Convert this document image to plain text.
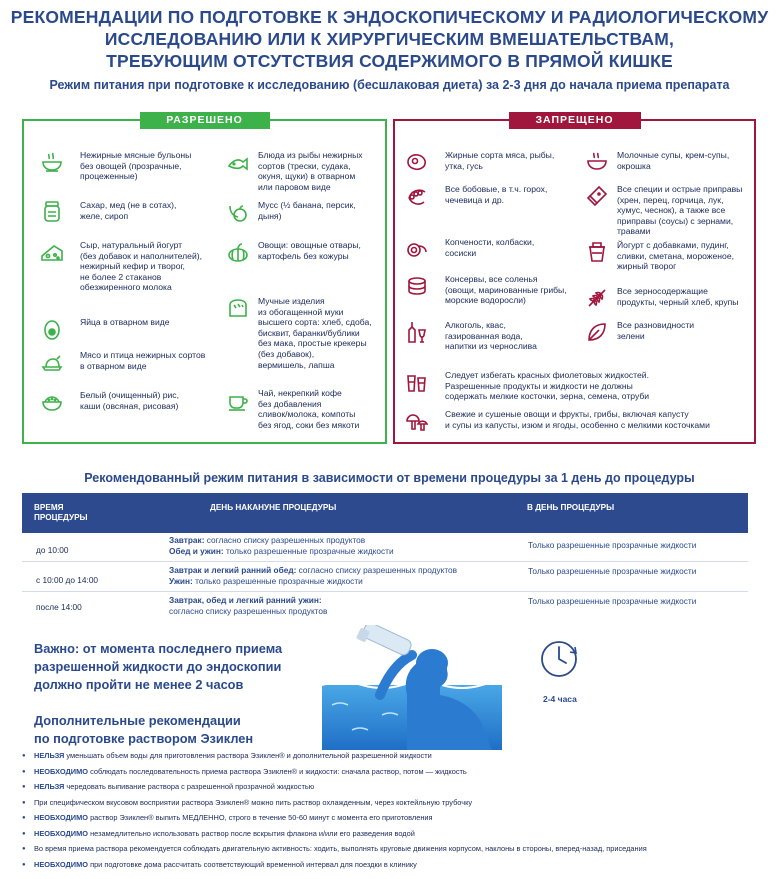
РЕКОМЕНДАЦИИ ПО ПОДГОТОВКЕ К ЭНДОСКОПИЧЕСКОМУ И РАДИОЛОГИЧЕСКОМУ
ИССЛЕДОВАНИЮ ИЛИ К ХИРУРГИЧЕСКИМ ВМЕШАТЕЛЬСТВАМ,
ТРЕБУЮЩИМ ОТСУТСТВИЯ СОДЕРЖИМОГО В ПРЯМОЙ КИШКЕ
Режим питания при подготовке к исследованию (бесшлаковая диета) за 2-3 дня до начала приема препарата
РАЗРЕШЕНО	ЗАПРЕЩЕНО
Нежирные мясные бульоны
без овощей (прозрачные,
процеженные)
Сахар, мед (не в сотах),
желе, сироп
Сыр, натуральный йогурт
(без добавок и наполнителей),
нежирный кефир и творог,
не более 2 стаканов
обезжиренного молока
Яйца в отварном виде
Мясо и птица нежирных сортов
в отварном виде
Белый (очищенный) рис,
каши (овсяная, рисовая)
Блюда из рыбы нежирных
сортов (трески, судака,
окуня, щуки) в отварном
или паровом виде
Мусс (½ банана, персик,
дыня)
Овощи: овощные отвары,
картофель без кожуры
Мучные изделия
из обогащенной муки
высшего сорта: хлеб, сдоба,
бисквит, баранки/бублики
без мака, простые крекеры
(без добавок),
вермишель, лапша
Чай, некрепкий кофе
без добавления
сливок/молока, компоты
без ягод, соки без мякоти
Жирные сорта мяса, рыбы,
утка, гусь
Все бобовые, в т.ч. горох,
чечевица и др.
Копчености, колбаски,
сосиски
Консервы, все соленья
(овощи, маринованные грибы,
морские водоросли)
Алкоголь, квас,
газированная вода,
напитки из чернослива
Следует избегать красных фиолетовых жидкостей.
Разрешенные продукты и жидкости не должны
содержать мелкие косточки, зерна, семена, отруби
Свежие и сушеные овощи и фрукты, грибы, включая капусту
и супы из капусты, изюм и ягоды, особенно с мелкими косточками
Молочные супы, крем-супы,
окрошка
Все специи и острые приправы
(хрен, перец, горчица, лук,
хумус, чеснок), а также все
приправы (соусы) с зернами,
травами
Йогурт с добавками, пудинг,
сливки, сметана, мороженое,
жирный творог
Все зерносодержащие
продукты, черный хлеб, крупы
Все разновидности
зелени
Рекомендованный режим питания в зависимости от времени процедуры за 1 день до процедуры
ВРЕМЯ
ПРОЦЕДУРЫ
ДЕНЬ НАКАНУНЕ ПРОЦЕДУРЫ	В ДЕНЬ ПРОЦЕДУРЫ
до 10:00
Завтрак: согласно списку разрешенных продуктов
Обед и ужин: только разрешенные прозрачные жидкости
Только разрешенные прозрачные жидкости
с 10:00 до 14:00
Завтрак и легкий ранний обед: согласно списку разрешенных продуктов
Ужин: только разрешенные прозрачные жидкости
Только разрешенные прозрачные жидкости
после 14:00
Завтрак, обед и легкий ранний ужин:
согласно списку разрешенных продуктов
Только разрешенные прозрачные жидкости
Важно: от момента последнего приема
разрешенной жидкости до эндоскопии
должно пройти не менее 2 часов
2-4 часа
Дополнительные рекомендации
по подготовке раствором Эзиклен
● НЕЛЬЗЯ уменьшать объем воды для приготовления раствора Эзиклен® и дополнительной разрешенной жидкости
● НЕОБХОДИМО соблюдать последовательность приема раствора Эзиклен® и жидкости: сначала раствор, потом — жидкость
● НЕЛЬЗЯ чередовать выпивание раствора с разрешенной прозрачной жидкостью
● При специфическом вкусовом восприятии раствора Эзиклен® можно пить раствор охлажденным, через коктейльную трубочку
● НЕОБХОДИМО раствор Эзиклен® выпить МЕДЛЕННО, строго в течение 50-60 минут с момента его приготовления
● НЕОБХОДИМО незамедлительно использовать раствор после вскрытия флакона и/или его разведения водой
● Во время приема раствора рекомендуется соблюдать двигательную активность: ходить, выполнять круговые движения корпусом, наклоны в стороны, вперед-назад, приседания
● НЕОБХОДИМО при подготовке дома рассчитать соответствующий временной интервал для поездки в клинику
